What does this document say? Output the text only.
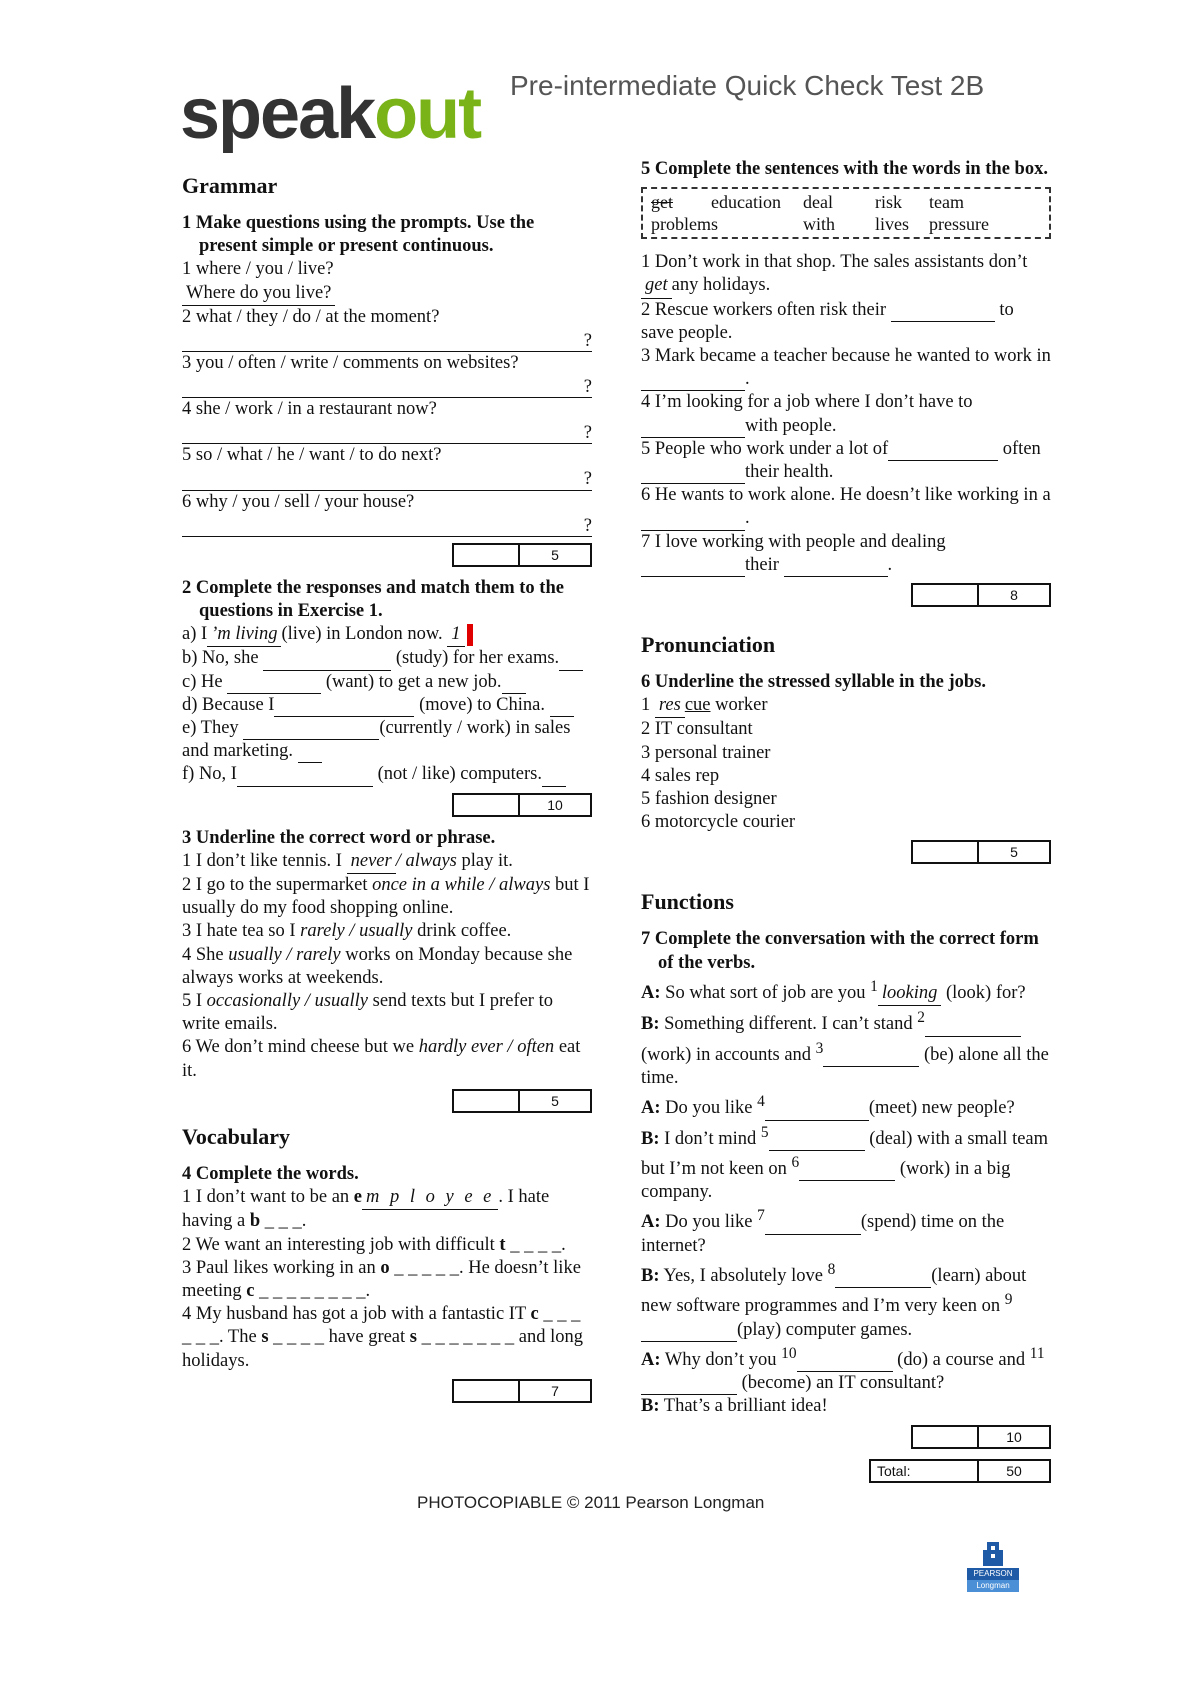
speakout Pre-intermediate Quick Check Test 2B
Grammar

1 Make questions using the prompts. Use the present simple or present continuous.

1 where / you / live?

Where do you live?

2 what / they / do / at the moment?

?

3 you / often / write / comments on websites?

?

4 she / work / in a restaurant now?

?

5 so / what / he / want / to do next?

?

6 why / you / sell / your house?

?
5

2 Complete the responses and match them to the questions in Exercise 1.

a) I ’m living (live) in London now. 1

b) No, she	(study) for her exams.

c) He	(want) to get a new job.

d) Because I	(move) to China.

e) They	(currently / work) in sales and marketing.

f) No, I	(not / like) computers.

10

3 Underline the correct word or phrase.

1 I don’t like tennis. I never / always play it.

2 I go to the supermarket once in a while / always but I usually do my food shopping online.

3 I hate tea so I rarely / usually drink coffee.

4 She usually / rarely works on Monday because she always works at weekends.

5 I occasionally / usually send texts but I prefer to write emails.

6 We don’t mind cheese but we hardly ever / often eat it.

5
Vocabulary

4 Complete the words.

1 I don’t want to be an e m p l o y e e . I hate having a b _ _ _.

2 We want an interesting job with difficult t _ _ _ _.

3 Paul likes working in an o _ _ _ _ _. He doesn’t like meeting c _ _ _ _ _ _ _ _.

4 My husband has got a job with a fantastic IT c _ _ _ _ _ _. The s _ _ _ _ have great s _ _ _ _ _ _ _ and long holidays.

7

5 Complete the sentences with the words in the box.

get	education	deal	risk	team
problems	with	lives	pressure

1 Don’t work in that shop. The sales assistants don’t get any holidays.

2 Rescue workers often risk their	to save people.

3 Mark became a teacher because he wanted to work in .

4 I’m looking for a job where I don’t have to with people.

5 People who work under a lot of	often their health.

6 He wants to work alone. He doesn’t like working in a .

7 I love working with people and dealing their	.

8
Pronunciation

6 Underline the stressed syllable in the jobs.

1 res cue worker

2 IT consultant

3 personal trainer

4 sales rep

5 fashion designer

6 motorcycle courier

5
Functions

7 Complete the conversation with the correct form of the verbs.

A: So what sort of job are you $^1$ looking (look) for?

B: Something different. I can’t stand $^2$(work) in accounts and $^3$	(be) alone all the time.

A: Do you like $^4$	(meet) new people?

B: I don’t mind $^5$	(deal) with a small team but I’m not keen on $^6$	(work) in a big company.

A: Do you like $^7$	(spend) time on the internet?

B: Yes, I absolutely love $^8$	(learn) about new software programmes and I’m very keen on $^9$(play) computer games.

A: Why don’t you $^{10}$	(do) a course and $^{11}$ (become) an IT consultant?

B: That’s a brilliant idea!

10
Total:	50
PHOTOCOPIABLE © 2011 Pearson Longman
PEARSON
Longman
